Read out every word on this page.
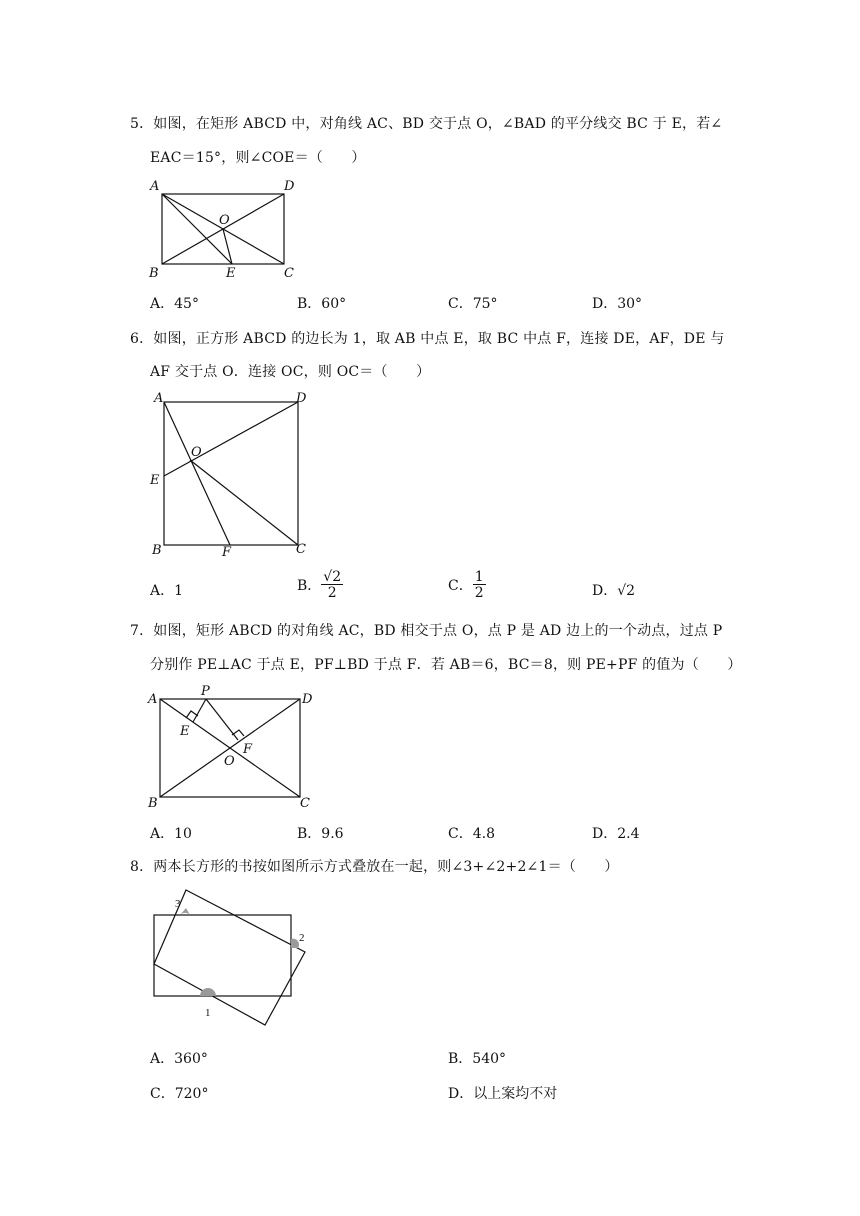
5．如图，在矩形 ABCD 中，对角线 AC、BD 交于点 O，∠BAD 的平分线交 BC 于 E，若∠
EAC＝15°，则∠COE＝（　　）
A	D
B	C
E
O
A．45°	B．60°	C．75°	D．30°
6．如图，正方形 ABCD 的边长为 1，取 AB 中点 E，取 BC 中点 F，连接 DE，AF，DE 与
AF 交于点 O．连接 OC，则 OC＝（　　）
A	D
E
O
B	F	C
A．1	B． $\frac{√2}{2}$	C． $\frac{1}{2}$	D．√2
7．如图，矩形 ABCD 的对角线 AC，BD 相交于点 O，点 P 是 AD 边上的一个动点，过点 P
分别作 PE⊥AC 于点 E，PF⊥BD 于点 F．若 AB＝6，BC＝8，则 PE+PF 的值为（　　）
A
P
D
E
F
O
B	C
A．10	B．9.6	C．4.8	D．2.4
8．两本长方形的书按如图所示方式叠放在一起，则∠3+∠2+2∠1＝（　　）
3
2
1
A．360°	B．540°
C．720°	D．以上案均不对
